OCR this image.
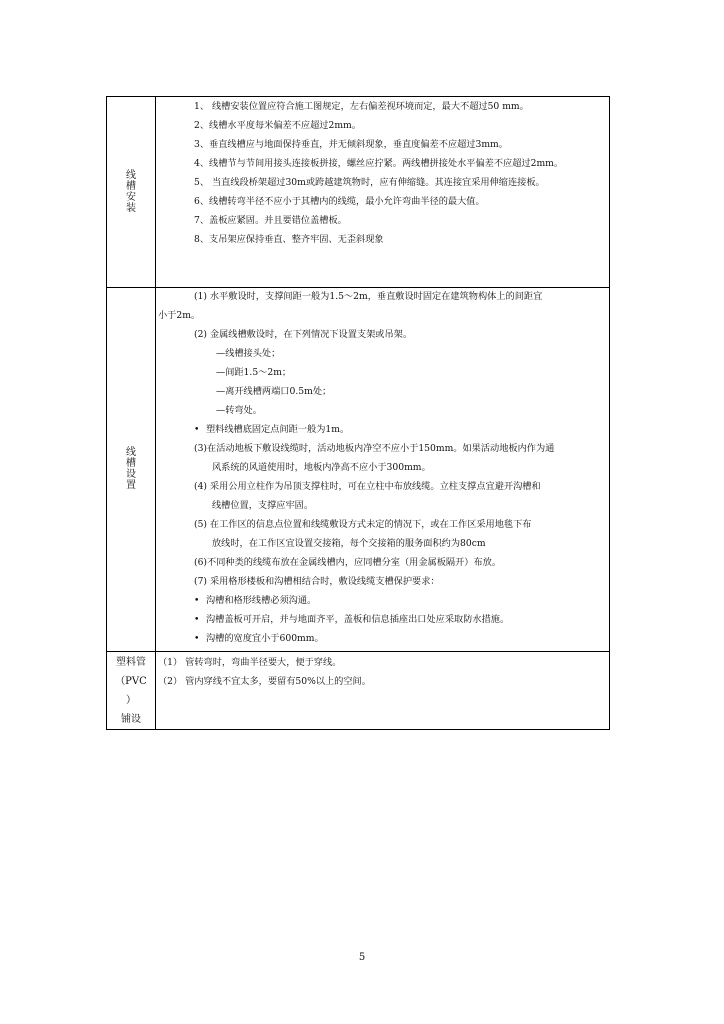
线
槽
安
装

1、 线槽安装位置应符合施工图规定，左右偏差视环境而定，最大不超过50 mm。

2、线槽水平度每米偏差不应超过2mm。

3、垂直线槽应与地面保持垂直，并无倾斜现象，垂直度偏差不应超过3mm。

4、线槽节与节间用接头连接板拼接，螺丝应拧紧。两线槽拼接处水平偏差不应超过2mm。

5、 当直线段桥架超过30m或跨越建筑物时，应有伸缩缝。其连接宜采用伸缩连接板。

6、线槽转弯半径不应小于其槽内的线缆，最小允许弯曲半径的最大值。

7、盖板应紧固。并且要错位盖槽板。

8、支吊架应保持垂直、整齐牢固、无歪斜现象

线
槽
设
置

(1) 水平敷设时，支撑间距一般为1.5～2m，垂直敷设时固定在建筑物构体上的间距宜

小于2m。

(2) 金属线槽敷设时，在下列情况下设置支架或吊架。

—线槽接头处；

—间距1.5～2m；

—离开线槽两端口0.5m处；

—转弯处。

• 塑料线槽底固定点间距一般为1m。

(3)在活动地板下敷设线缆时，活动地板内净空不应小于150mm。如果活动地板内作为通

风系统的风道使用时，地板内净高不应小于300mm。

(4) 采用公用立柱作为吊顶支撑柱时，可在立柱中布放线缆。立柱支撑点宜避开沟槽和

线槽位置，支撑应牢固。

(5) 在工作区的信息点位置和线缆敷设方式未定的情况下，或在工作区采用地毯下布

放线时，在工作区宜设置交接箱，每个交接箱的服务面积约为80cm

(6)不同种类的线缆布放在金属线槽内，应同槽分室（用金属板隔开）布放。

(7) 采用格形楼板和沟槽相结合时，敷设线缆支槽保护要求：

• 沟槽和格形线槽必须沟通。

• 沟槽盖板可开启，并与地面齐平，盖板和信息插座出口处应采取防水措施。

• 沟槽的宽度宜小于600mm。

塑料管
（PVC
）
铺设

（1） 管转弯时，弯曲半径要大，便于穿线。

（2） 管内穿线不宜太多，要留有50%以上的空间。

5
